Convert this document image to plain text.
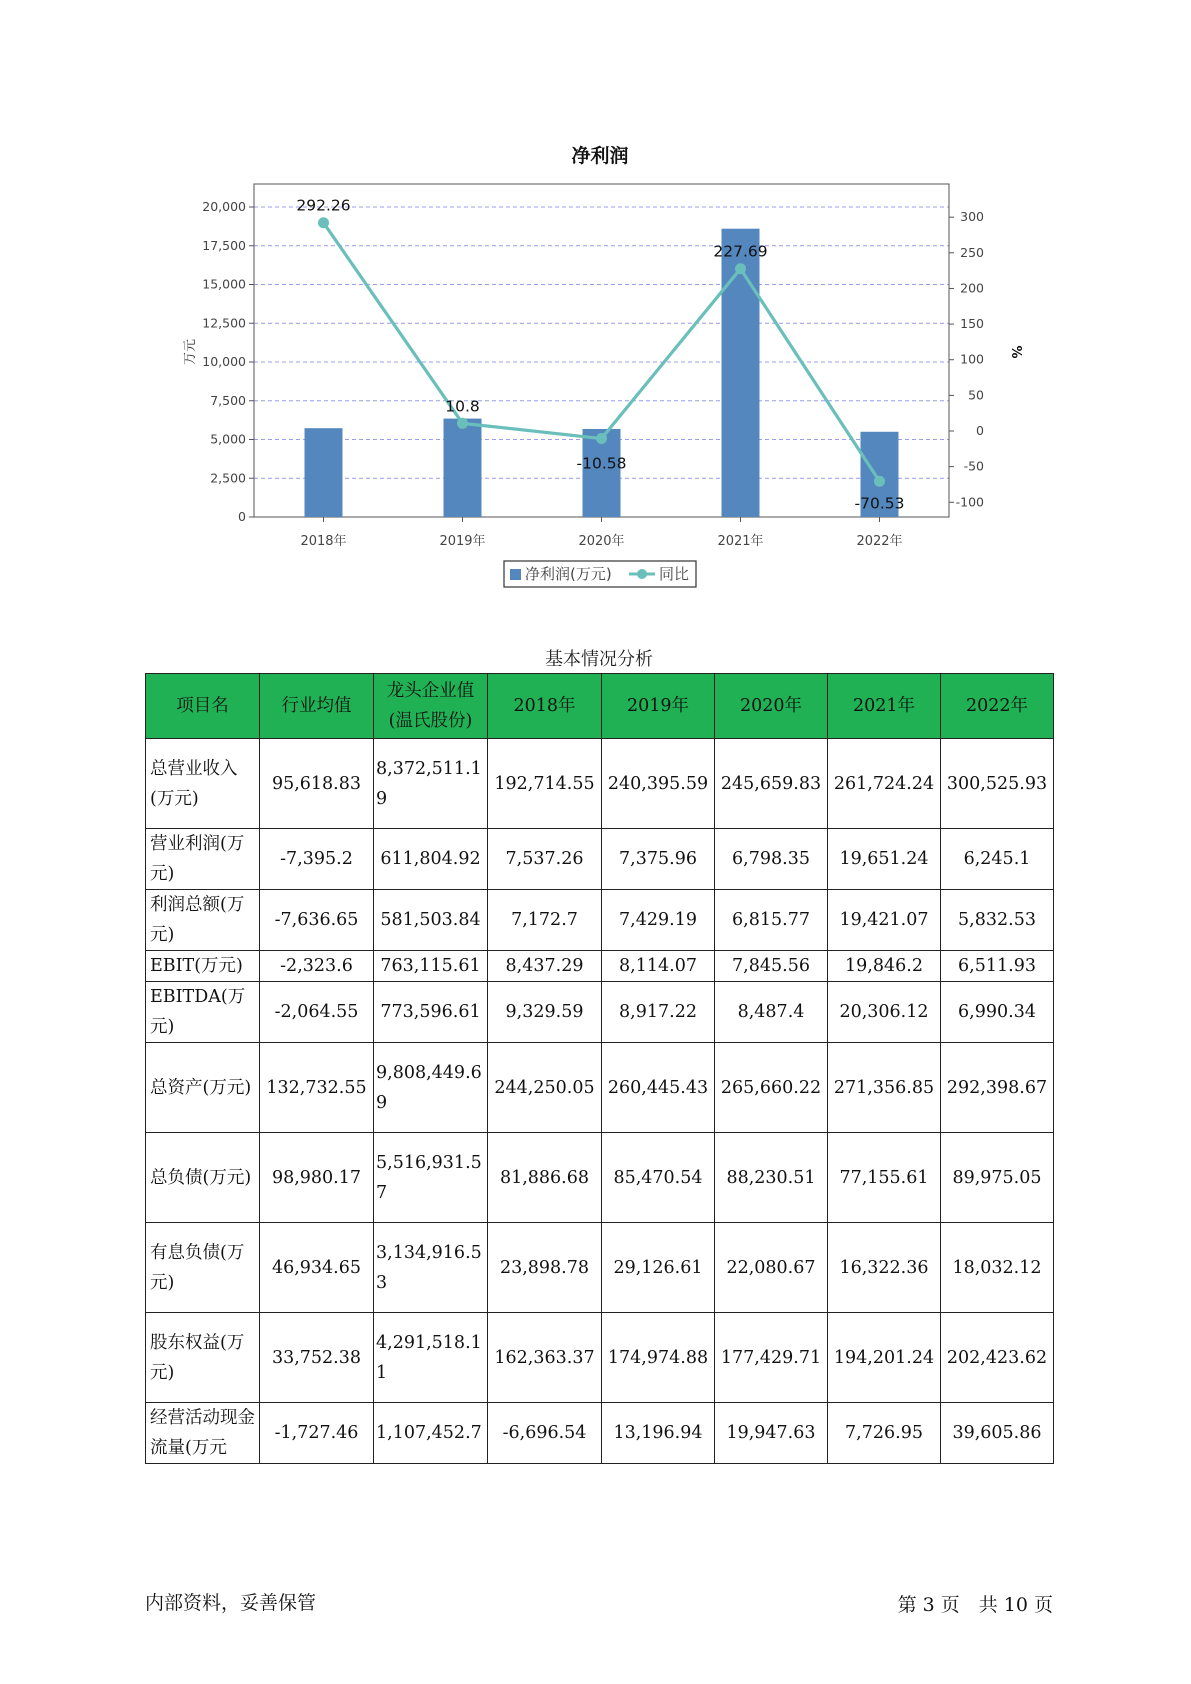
净利润
0
2,500
5,000
7,500
10,000
12,500
15,000
17,500
20,000
-100
-50
0
50
100
150
200
250
300
2018年	2019年	2020年	2021年	2022年
292.26
10.8
-10.58
227.69
-70.53
万元	%
净利润(万元)	同比
基本情况分析
项目名	行业均值	龙头企业值(温氏股份)	2018年	2019年	2020年	2021年	2022年
总营业收入(万元)	95,618.83	8,372,511.19	192,714.55	240,395.59	245,659.83	261,724.24	300,525.93
营业利润(万元)	-7,395.2	611,804.92	7,537.26	7,375.96	6,798.35	19,651.24	6,245.1
利润总额(万元)	-7,636.65	581,503.84	7,172.7	7,429.19	6,815.77	19,421.07	5,832.53
EBIT(万元)	-2,323.6	763,115.61	8,437.29	8,114.07	7,845.56	19,846.2	6,511.93
EBITDA(万元)	-2,064.55	773,596.61	9,329.59	8,917.22	8,487.4	20,306.12	6,990.34
总资产(万元)	132,732.55	9,808,449.69	244,250.05	260,445.43	265,660.22	271,356.85	292,398.67
总负债(万元)	98,980.17	5,516,931.57	81,886.68	85,470.54	88,230.51	77,155.61	89,975.05
有息负债(万元)	46,934.65	3,134,916.53	23,898.78	29,126.61	22,080.67	16,322.36	18,032.12
股东权益(万元)	33,752.38	4,291,518.11	162,363.37	174,974.88	177,429.71	194,201.24	202,423.62
经营活动现金流量(万元	-1,727.46	1,107,452.7	-6,696.54	13,196.94	19,947.63	7,726.95	39,605.86
内部资料，妥善保管	第 3 页　共 10 页
